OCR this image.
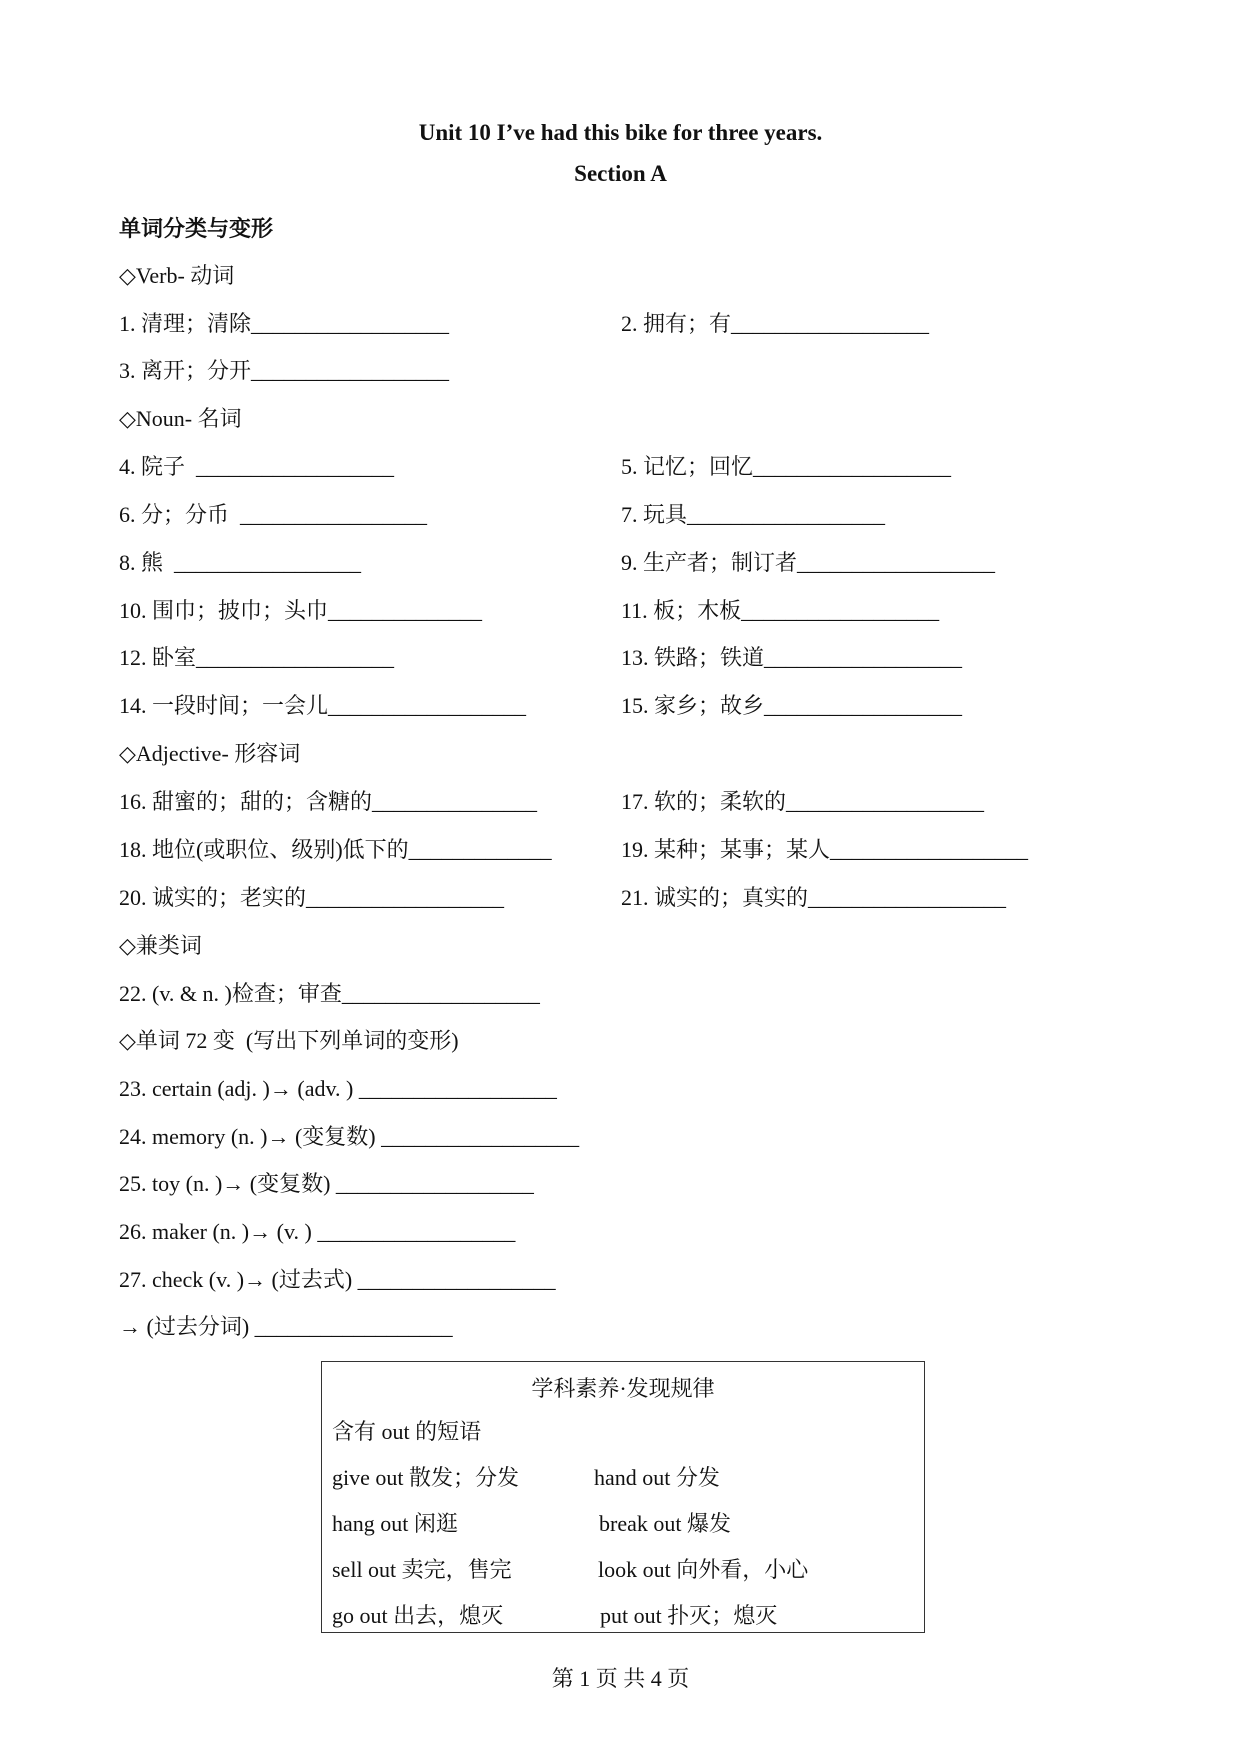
Unit 10 I’ve had this bike for three years.
Section A
单词分类与变形
◇Verb- 动词
1. 清理；清除__________________	2. 拥有；有__________________
3. 离开；分开__________________
◇Noun- 名词
4. 院子  __________________	5. 记忆；回忆__________________
6. 分；分币  _________________	7. 玩具__________________
8. 熊  _________________	9. 生产者；制订者__________________
10. 围巾；披巾；头巾______________	11. 板；木板__________________
12. 卧室__________________	13. 铁路；铁道__________________
14. 一段时间；一会儿__________________	15. 家乡；故乡__________________
◇Adjective- 形容词
16. 甜蜜的；甜的；含糖的_______________	17. 软的；柔软的__________________
18. 地位(或职位、级别)低下的_____________	19. 某种；某事；某人__________________
20. 诚实的；老实的__________________	21. 诚实的；真实的__________________
◇兼类词
22. (v. & n. )检查；审查__________________
◇单词 72 变  (写出下列单词的变形)
23. certain (adj. )→ (adv. ) __________________
24. memory (n. )→ (变复数) __________________
25. toy (n. )→ (变复数) __________________
26. maker (n. )→ (v. ) __________________
27. check (v. )→ (过去式) __________________
→ (过去分词) __________________
学科素养·发现规律
含有 out 的短语
give out 散发；分发	hand out 分发
hang out 闲逛	break out 爆发
sell out 卖完，售完	look out 向外看，小心
go out 出去，熄灭	put out 扑灭；熄灭
第 1 页 共 4 页
